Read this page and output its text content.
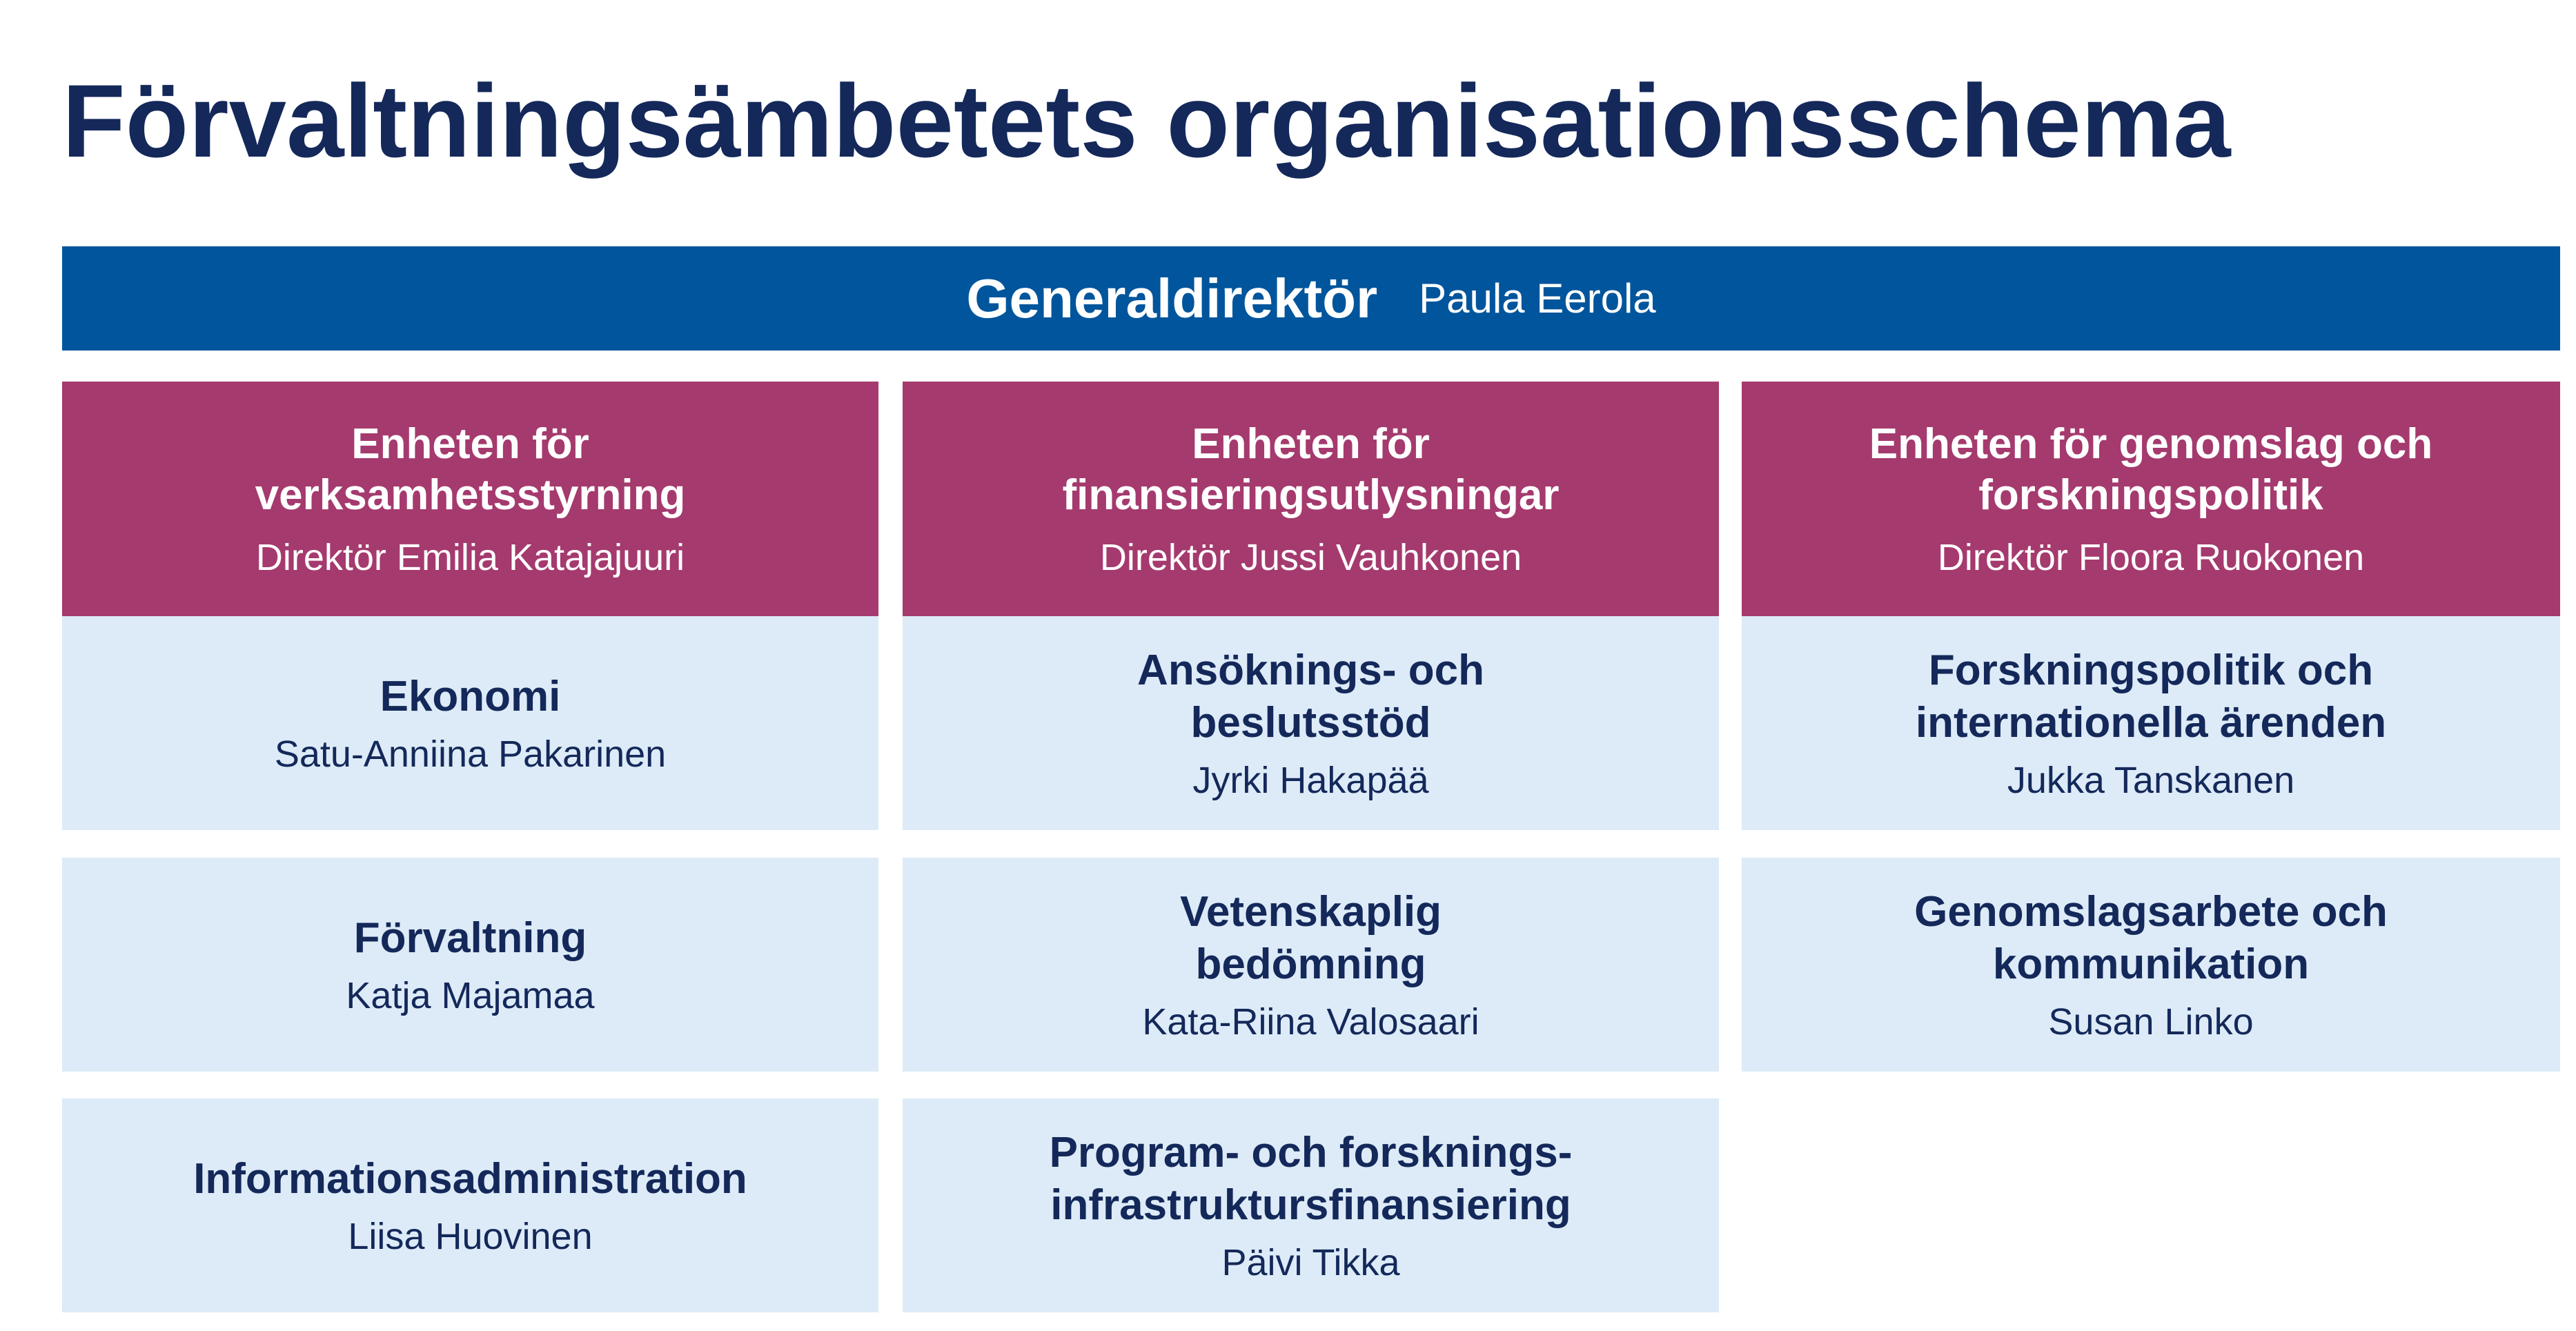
Förvaltningsämbetets organisationsschema
Generaldirektör Paula Eerola
Enheten för
verksamhetsstyrning
Direktör Emilia Katajajuuri
Ekonomi
Satu-Anniina Pakarinen
Förvaltning
Katja Majamaa
Informationsadministration
Liisa Huovinen
Enheten för
finansieringsutlysningar
Direktör Jussi Vauhkonen
Ansöknings- och
beslutsstöd
Jyrki Hakapää
Vetenskaplig
bedömning
Kata-Riina Valosaari
Program- och forsknings-
infrastruktursfinansiering
Päivi Tikka
Enheten för genomslag och
forskningspolitik
Direktör Floora Ruokonen
Forskningspolitik och
internationella ärenden
Jukka Tanskanen
Genomslagsarbete och
kommunikation
Susan Linko
